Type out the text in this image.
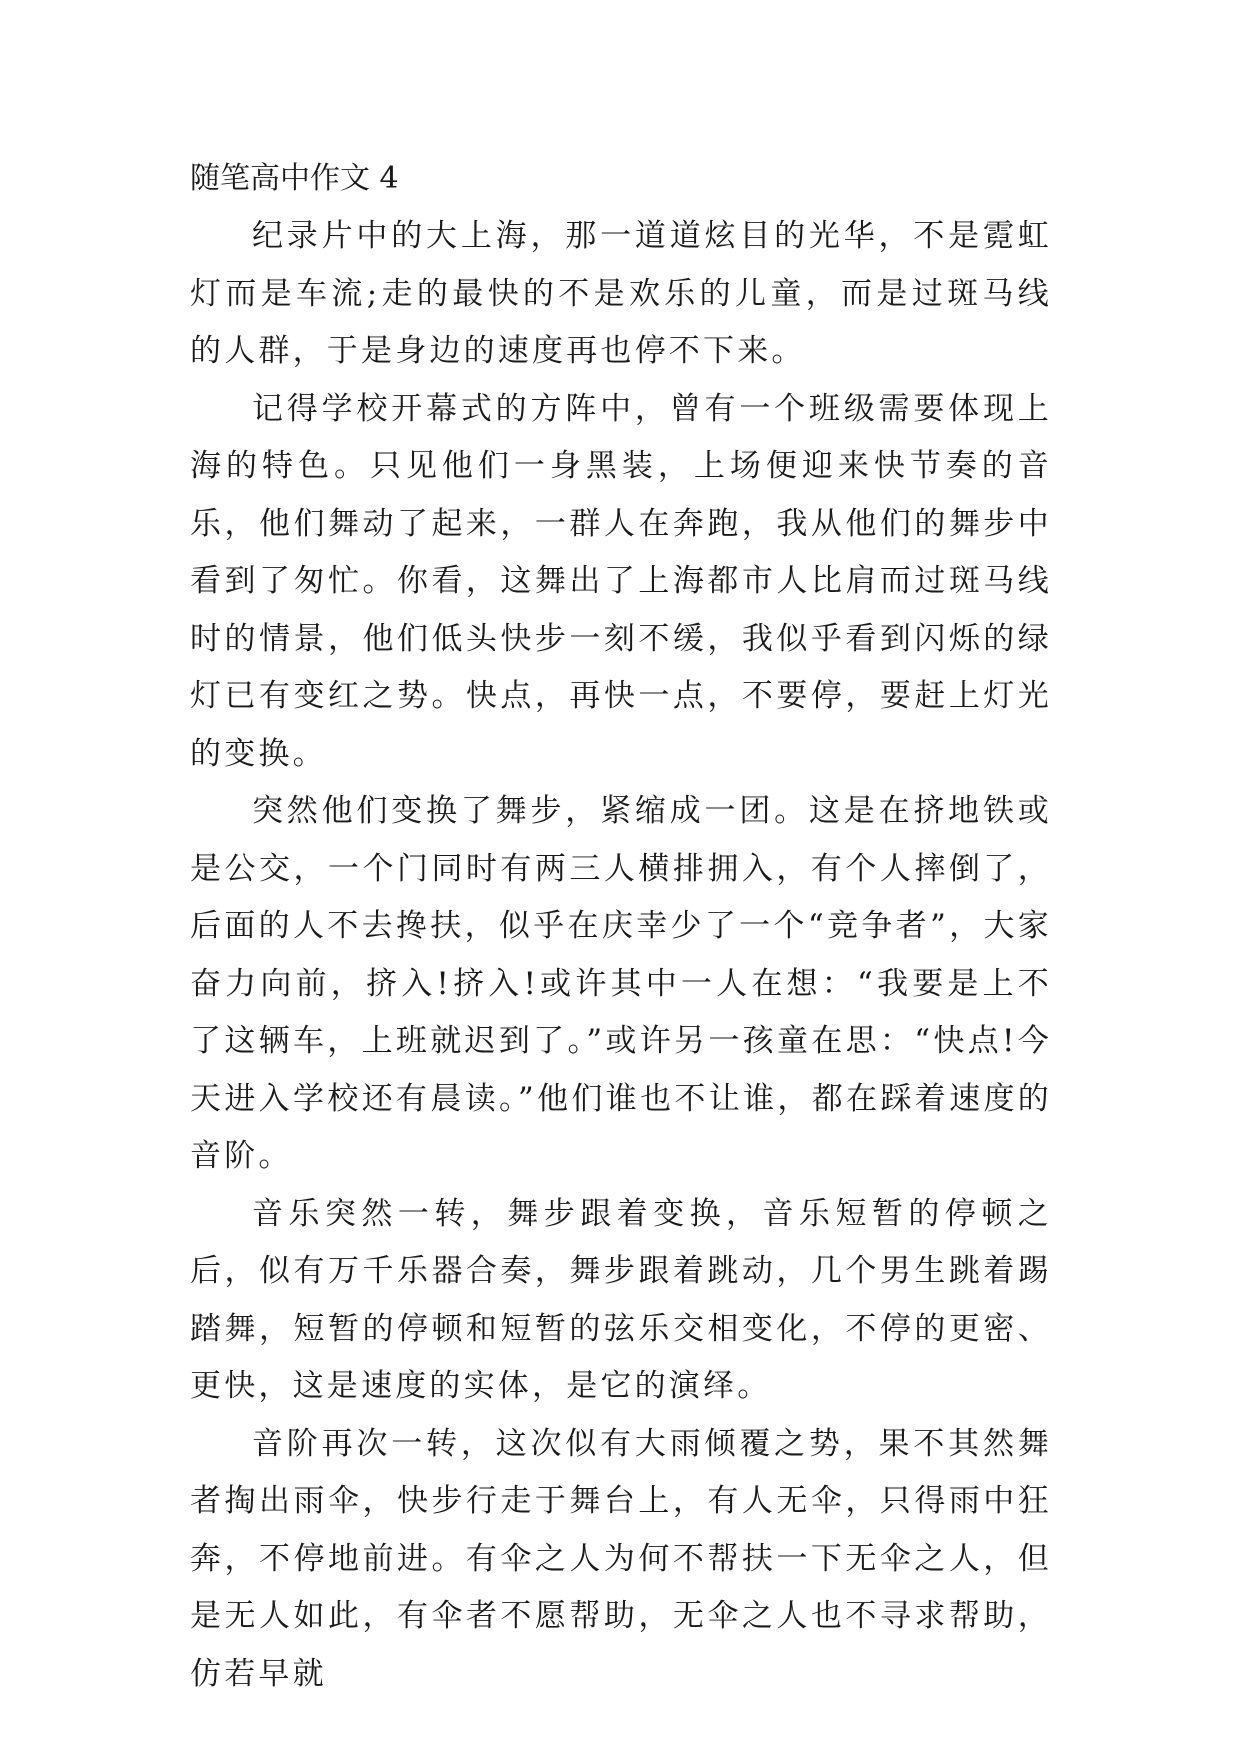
随笔高中作文 4

纪录片中的大上海，那一道道炫目的光华，不是霓虹灯而是车流;走的最快的不是欢乐的儿童，而是过斑马线的人群，于是身边的速度再也停不下来。

记得学校开幕式的方阵中，曾有一个班级需要体现上海的特色。只见他们一身黑装，上场便迎来快节奏的音乐，他们舞动了起来，一群人在奔跑，我从他们的舞步中看到了匆忙。你看，这舞出了上海都市人比肩而过斑马线时的情景，他们低头快步一刻不缓，我似乎看到闪烁的绿灯已有变红之势。快点，再快一点，不要停，要赶上灯光的变换。

突然他们变换了舞步，紧缩成一团。这是在挤地铁或是公交，一个门同时有两三人横排拥入，有个人摔倒了，后面的人不去搀扶，似乎在庆幸少了一个“竞争者”，大家奋力向前，挤入!挤入!或许其中一人在想：“我要是上不了这辆车，上班就迟到了。”或许另一孩童在思：“快点!今天进入学校还有晨读。”他们谁也不让谁，都在踩着速度的音阶。

音乐突然一转，舞步跟着变换，音乐短暂的停顿之后，似有万千乐器合奏，舞步跟着跳动，几个男生跳着踢踏舞，短暂的停顿和短暂的弦乐交相变化，不停的更密、更快，这是速度的实体，是它的演绎。

音阶再次一转，这次似有大雨倾覆之势，果不其然舞者掏出雨伞，快步行走于舞台上，有人无伞，只得雨中狂奔，不停地前进。有伞之人为何不帮扶一下无伞之人，但是无人如此，有伞者不愿帮助，无伞之人也不寻求帮助，仿若早就
